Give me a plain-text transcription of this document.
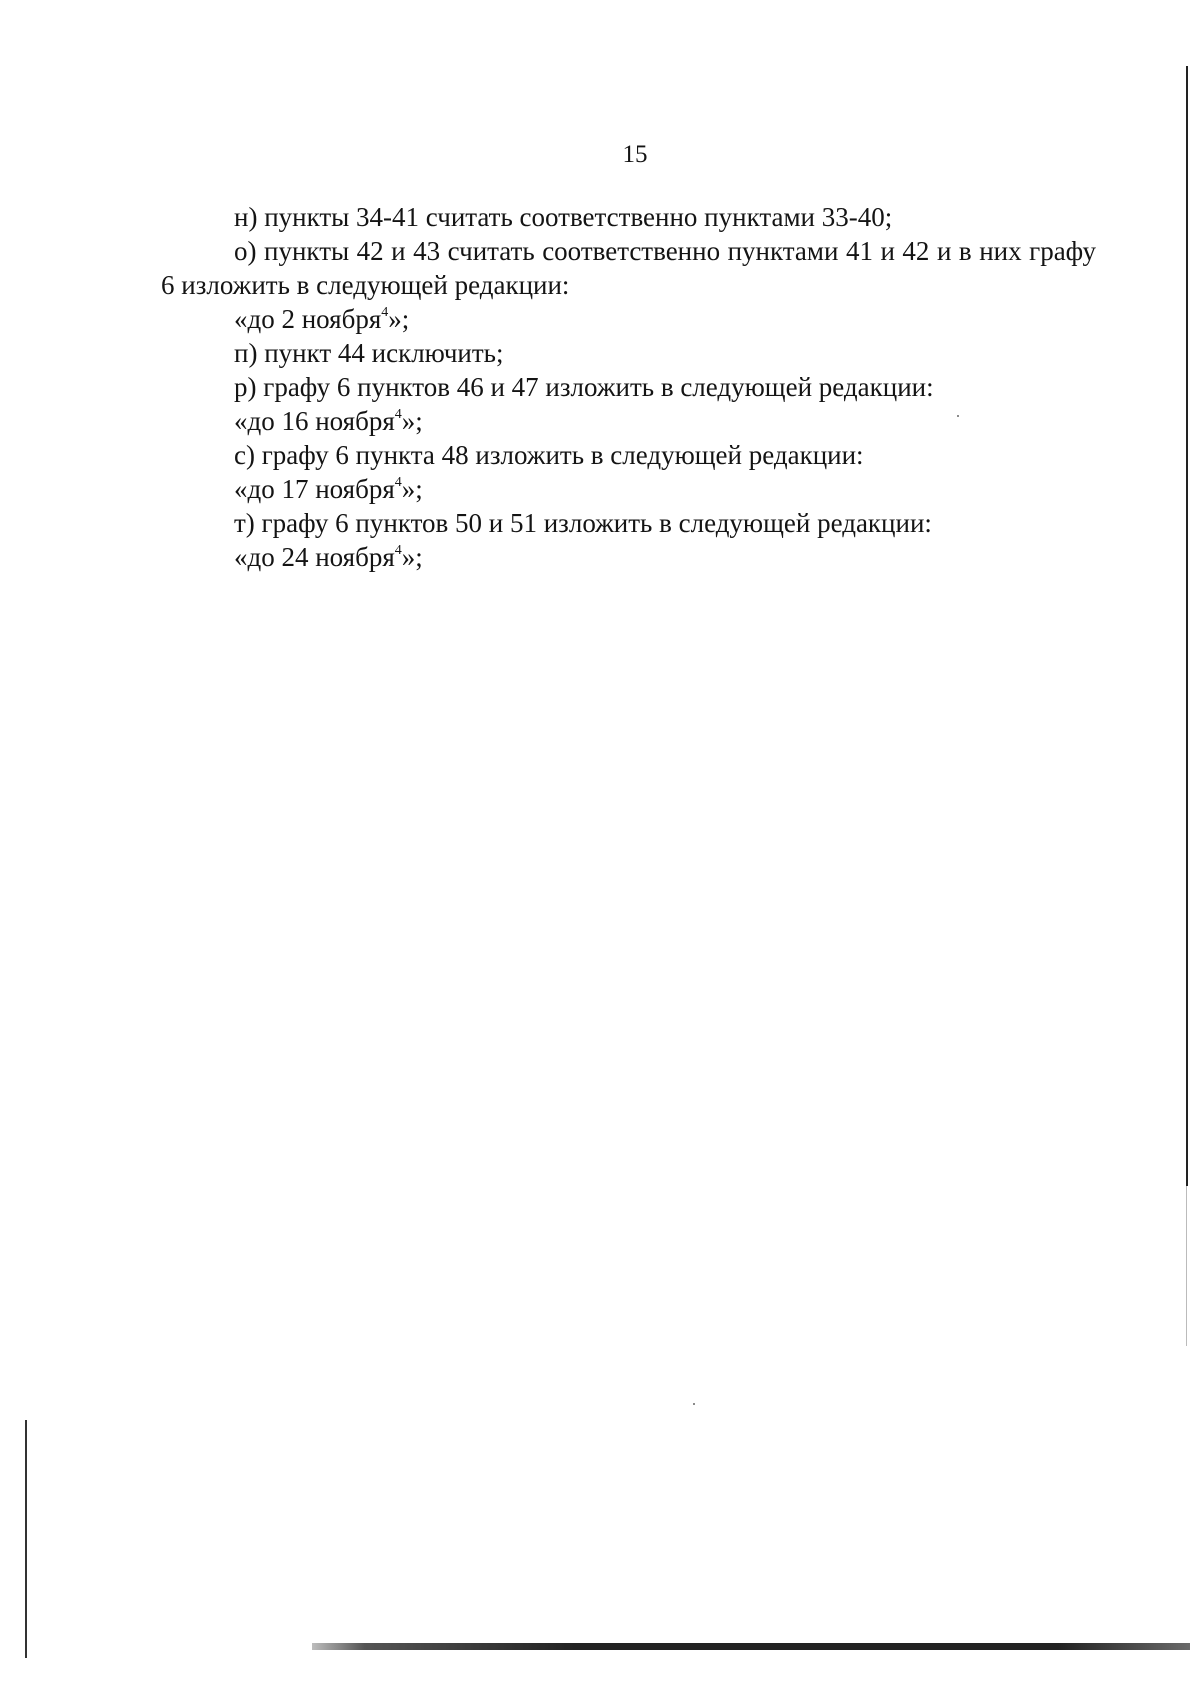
15

н) пункты 34-41 считать соответственно пунктами 33-40;

о) пункты 42 и 43 считать соответственно пунктами 41 и 42 и в них графу 6 изложить в следующей редакции:

«до 2 ноября$^4$»;

п) пункт 44 исключить;

р) графу 6 пунктов 46 и 47 изложить в следующей редакции:

«до 16 ноября$^4$»;

с) графу 6 пункта 48 изложить в следующей редакции:

«до 17 ноября$^4$»;

т) графу 6 пунктов 50 и 51 изложить в следующей редакции:

«до 24 ноября$^4$»;
